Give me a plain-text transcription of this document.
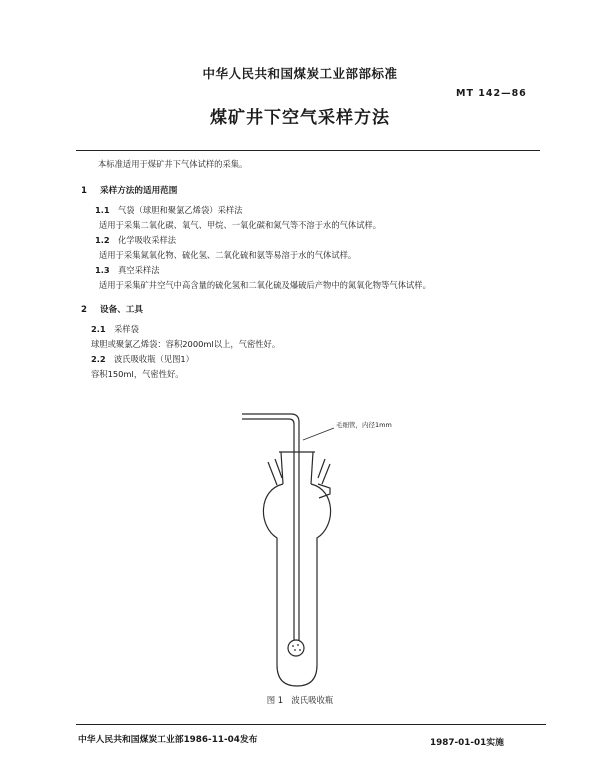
中华人民共和国煤炭工业部部标准
MT 142—86
煤矿井下空气采样方法
本标准适用于煤矿井下气体试样的采集。
1 采样方法的适用范围
1.1 气袋（球胆和聚氯乙烯袋）采样法
适用于采集二氧化碳、氧气、甲烷、一氧化碳和氮气等不溶于水的气体试样。
1.2 化学吸收采样法
适用于采集氮氧化物、硫化氢、二氧化硫和氨等易溶于水的气体试样。
1.3 真空采样法
适用于采集矿井空气中高含量的硫化氢和二氧化硫及爆破后产物中的氮氧化物等气体试样。
2 设备、工具
2.1 采样袋
球胆或聚氯乙烯袋：容积2000ml以上，气密性好。
2.2 波氏吸收瓶（见图1）
容积150ml，气密性好。
毛细管，内径1mm
图 1　波氏吸收瓶
中华人民共和国煤炭工业部1986-11-04发布	1987-01-01实施
